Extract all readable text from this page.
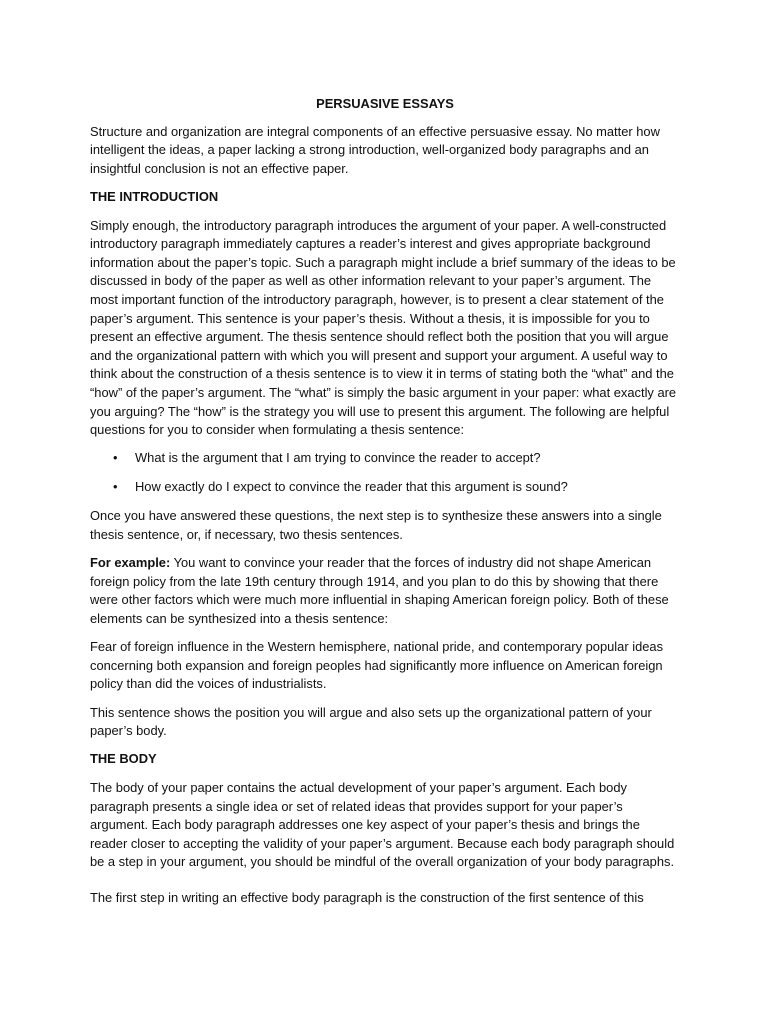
PERSUASIVE ESSAYS

Structure and organization are integral components of an effective persuasive essay. No matter how intelligent the ideas, a paper lacking a strong introduction, well-organized body paragraphs and an insightful conclusion is not an effective paper.

THE INTRODUCTION

Simply enough, the introductory paragraph introduces the argument of your paper. A well-constructed introductory paragraph immediately captures a reader’s interest and gives appropriate background information about the paper’s topic. Such a paragraph might include a brief summary of the ideas to be discussed in body of the paper as well as other information relevant to your paper’s argument. The most important function of the introductory paragraph, however, is to present a clear statement of the paper’s argument. This sentence is your paper’s thesis. Without a thesis, it is impossible for you to present an effective argument. The thesis sentence should reflect both the position that you will argue and the organizational pattern with which you will present and support your argument. A useful way to think about the construction of a thesis sentence is to view it in terms of stating both the “what” and the “how” of the paper’s argument. The “what” is simply the basic argument in your paper: what exactly are you arguing? The “how” is the strategy you will use to present this argument. The following are helpful questions for you to consider when formulating a thesis sentence:

• What is the argument that I am trying to convince the reader to accept?
• How exactly do I expect to convince the reader that this argument is sound?

Once you have answered these questions, the next step is to synthesize these answers into a single thesis sentence, or, if necessary, two thesis sentences.

For example: You want to convince your reader that the forces of industry did not shape American foreign policy from the late 19th century through 1914, and you plan to do this by showing that there were other factors which were much more influential in shaping American foreign policy. Both of these elements can be synthesized into a thesis sentence:

Fear of foreign influence in the Western hemisphere, national pride, and contemporary popular ideas concerning both expansion and foreign peoples had significantly more influence on American foreign policy than did the voices of industrialists.

This sentence shows the position you will argue and also sets up the organizational pattern of your paper’s body.

THE BODY

The body of your paper contains the actual development of your paper’s argument. Each body paragraph presents a single idea or set of related ideas that provides support for your paper’s argument. Each body paragraph addresses one key aspect of your paper’s thesis and brings the reader closer to accepting the validity of your paper’s argument. Because each body paragraph should be a step in your argument, you should be mindful of the overall organization of your body paragraphs.

The first step in writing an effective body paragraph is the construction of the first sentence of this
